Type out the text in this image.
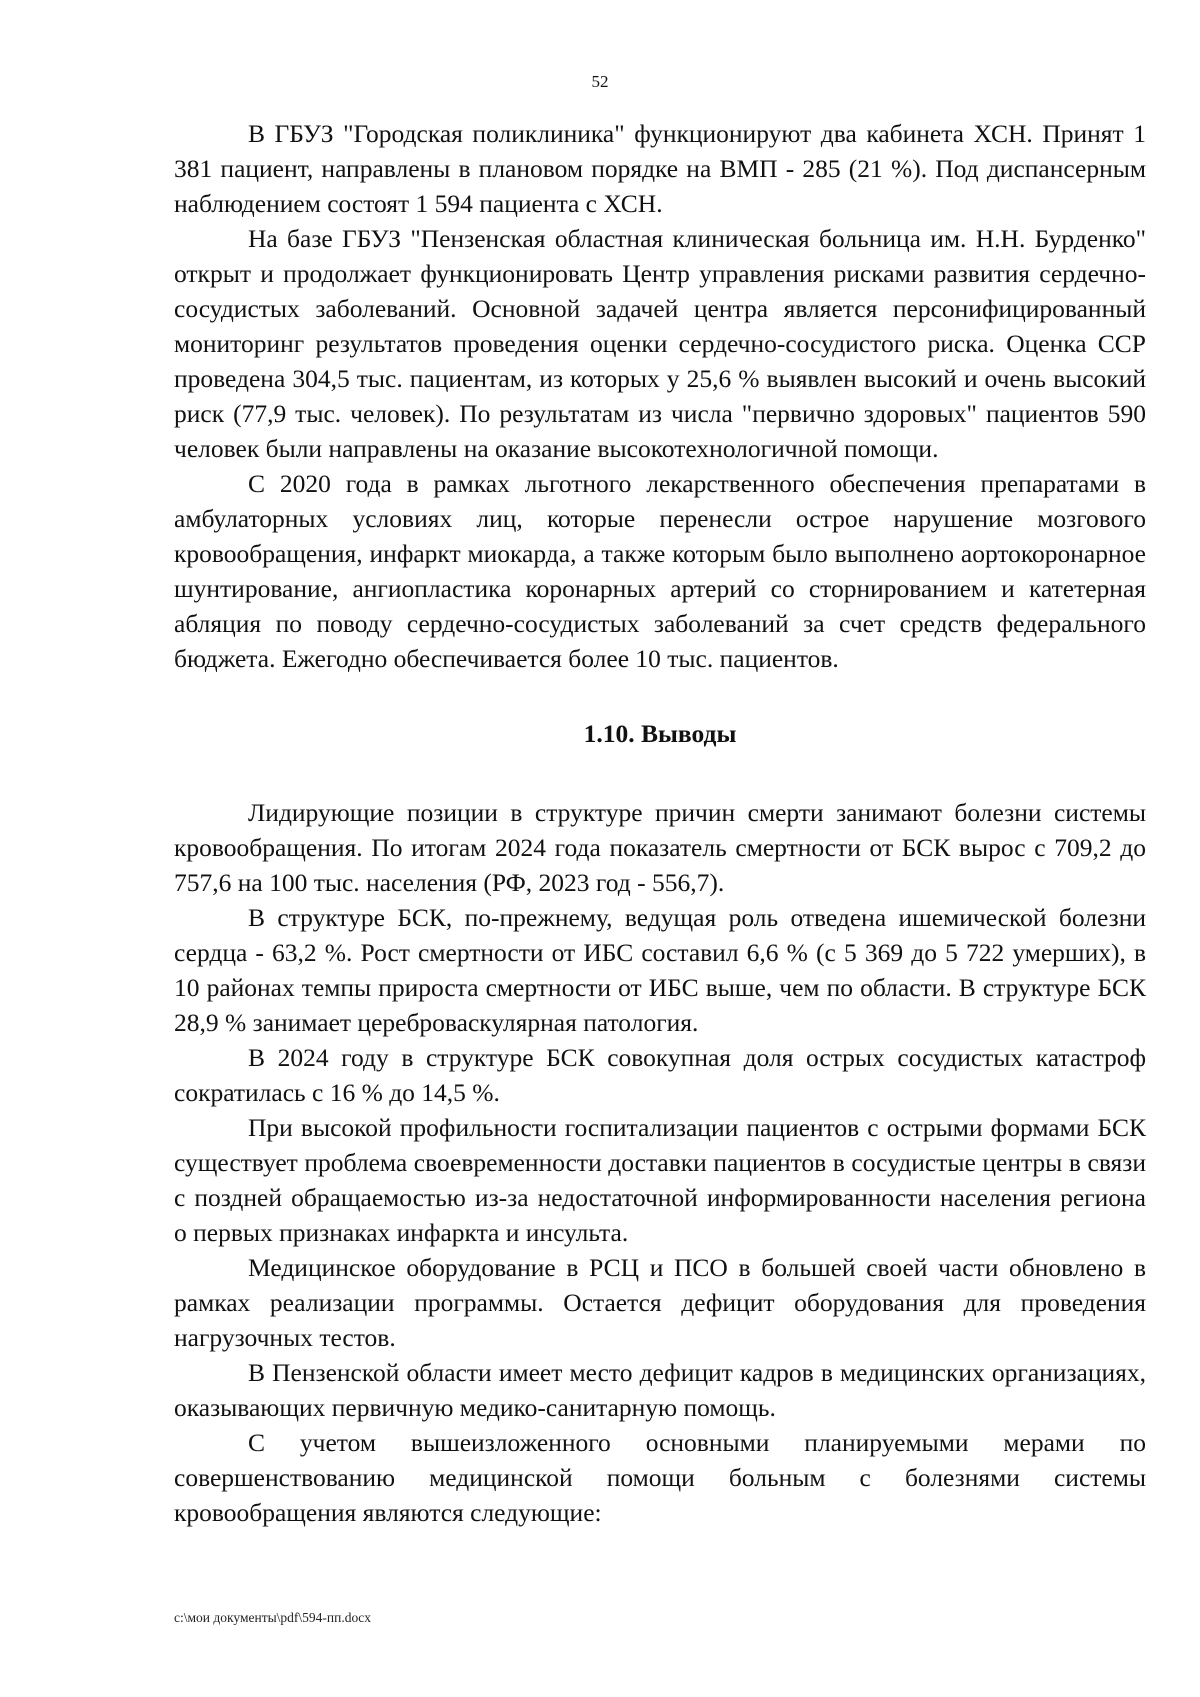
52

В ГБУЗ "Городская поликлиника" функционируют два кабинета ХСН. Принят 1 381 пациент, направлены в плановом порядке на ВМП - 285 (21 %). Под диспансерным наблюдением состоят 1 594 пациента с ХСН.

На базе ГБУЗ "Пензенская областная клиническая больница им. Н.Н. Бурденко" открыт и продолжает функционировать Центр управления рисками развития сердечно-сосудистых заболеваний. Основной задачей центра является персонифицированный мониторинг результатов проведения оценки сердечно-сосудистого риска. Оценка ССР проведена 304,5 тыс. пациентам, из которых у 25,6 % выявлен высокий и очень высокий риск (77,9 тыс. человек). По результатам из числа "первично здоровых" пациентов 590 человек были направлены на оказание высокотехнологичной помощи.

С 2020 года в рамках льготного лекарственного обеспечения препаратами в амбулаторных условиях лиц, которые перенесли острое нарушение мозгового кровообращения, инфаркт миокарда, а также которым было выполнено аортокоронарное шунтирование, ангиопластика коронарных артерий со сторнированием и катетерная абляция по поводу сердечно-сосудистых заболеваний за счет средств федерального бюджета. Ежегодно обеспечивается более 10 тыс. пациентов.

1.10. Выводы

Лидирующие позиции в структуре причин смерти занимают болезни системы кровообращения. По итогам 2024 года показатель смертности от БСК вырос с 709,2 до 757,6 на 100 тыс. населения (РФ, 2023 год - 556,7).

В структуре БСК, по-прежнему, ведущая роль отведена ишемической болезни сердца - 63,2 %. Рост смертности от ИБС составил 6,6 % (с 5 369 до 5 722 умерших), в 10 районах темпы прироста смертности от ИБС выше, чем по области. В структуре БСК 28,9 % занимает цереброваскулярная патология.

В 2024 году в структуре БСК совокупная доля острых сосудистых катастроф сократилась с 16 % до 14,5 %.

При высокой профильности госпитализации пациентов с острыми формами БСК существует проблема своевременности доставки пациентов в сосудистые центры в связи с поздней обращаемостью из-за недостаточной информированности населения региона о первых признаках инфаркта и инсульта.

Медицинское оборудование в РСЦ и ПСО в большей своей части обновлено в рамках реализации программы. Остается дефицит оборудования для проведения нагрузочных тестов.

В Пензенской области имеет место дефицит кадров в медицинских организациях, оказывающих первичную медико-санитарную помощь.

С учетом вышеизложенного основными планируемыми мерами по совершенствованию медицинской помощи больным с болезнями системы кровообращения являются следующие:

c:\мои документы\pdf\594-пп.docx
